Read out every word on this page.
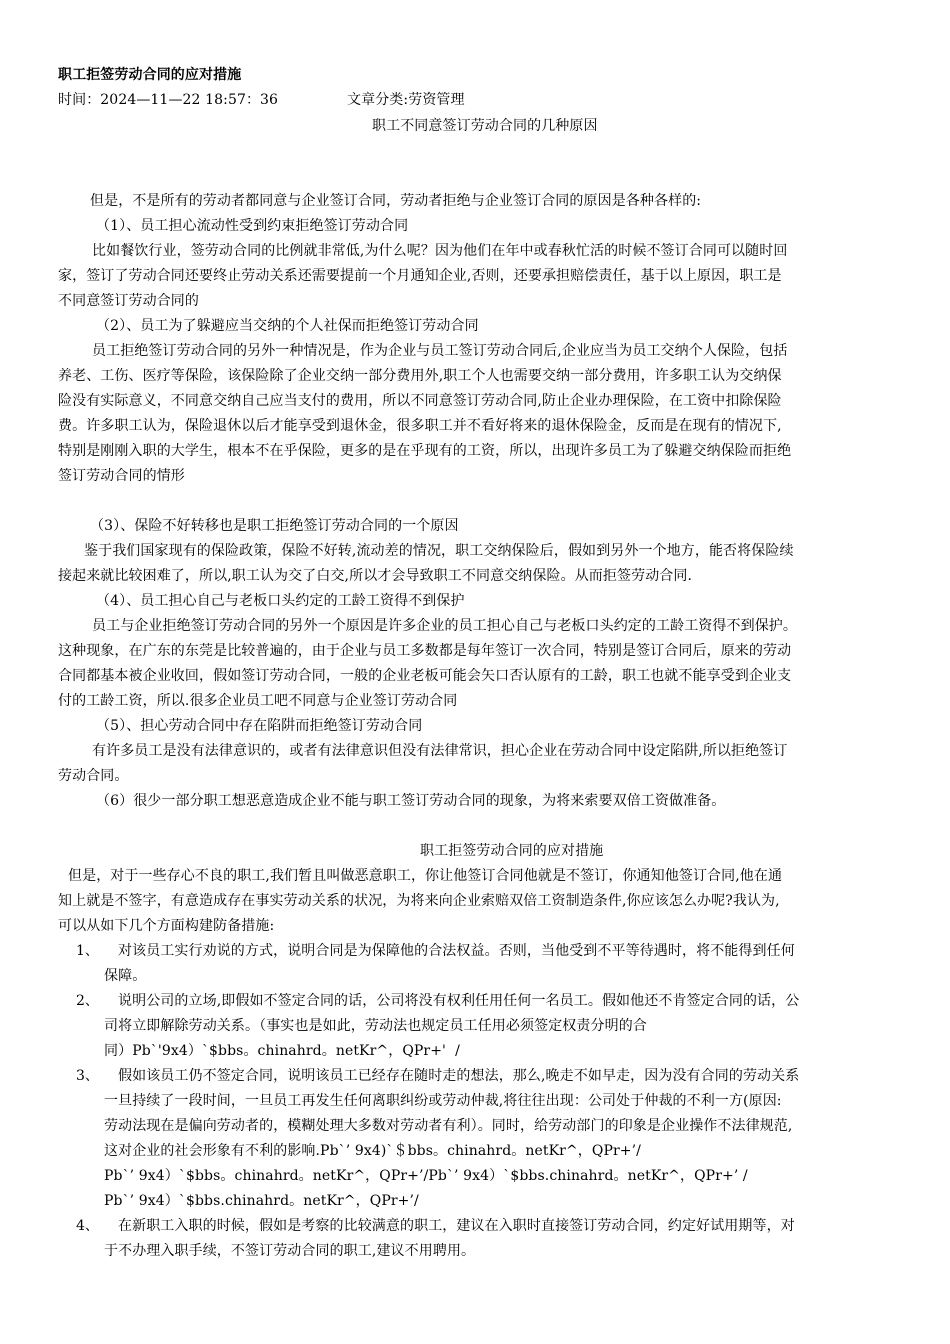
职工拒签劳动合同的应对措施
时间：2024—11—22 18:57：36	文章分类:劳资管理
职工不同意签订劳动合同的几种原因
但是，不是所有的劳动者都同意与企业签订合同，劳动者拒绝与企业签订合同的原因是各种各样的:
（1）、员工担心流动性受到约束拒绝签订劳动合同
比如餐饮行业，签劳动合同的比例就非常低,为什么呢？因为他们在年中或春秋忙活的时候不签订合同可以随时回
家，签订了劳动合同还要终止劳动关系还需要提前一个月通知企业,否则，还要承担赔偿责任，基于以上原因，职工是
不同意签订劳动合同的
（2）、员工为了躲避应当交纳的个人社保而拒绝签订劳动合同
员工拒绝签订劳动合同的另外一种情况是，作为企业与员工签订劳动合同后,企业应当为员工交纳个人保险，包括
养老、工伤、医疗等保险，该保险除了企业交纳一部分费用外,职工个人也需要交纳一部分费用，许多职工认为交纳保
险没有实际意义，不同意交纳自己应当支付的费用，所以不同意签订劳动合同,防止企业办理保险，在工资中扣除保险
费。许多职工认为，保险退休以后才能享受到退休金，很多职工并不看好将来的退休保险金，反而是在现有的情况下,
特别是刚刚入职的大学生，根本不在乎保险，更多的是在乎现有的工资，所以，出现许多员工为了躲避交纳保险而拒绝
签订劳动合同的情形
（3）、保险不好转移也是职工拒绝签订劳动合同的一个原因
鉴于我们国家现有的保险政策，保险不好转,流动差的情况，职工交纳保险后，假如到另外一个地方，能否将保险续
接起来就比较困难了，所以,职工认为交了白交,所以才会导致职工不同意交纳保险。从而拒签劳动合同.
（4）、员工担心自己与老板口头约定的工龄工资得不到保护
员工与企业拒绝签订劳动合同的另外一个原因是许多企业的员工担心自己与老板口头约定的工龄工资得不到保护。
这种现象，在广东的东莞是比较普遍的，由于企业与员工多数都是每年签订一次合同，特别是签订合同后，原来的劳动
合同都基本被企业收回，假如签订劳动合同，一般的企业老板可能会矢口否认原有的工龄，职工也就不能享受到企业支
付的工龄工资，所以.很多企业员工吧不同意与企业签订劳动合同
（5）、担心劳动合同中存在陷阱而拒绝签订劳动合同
有许多员工是没有法律意识的，或者有法律意识但没有法律常识，担心企业在劳动合同中设定陷阱,所以拒绝签订
劳动合同。
（6）很少一部分职工想恶意造成企业不能与职工签订劳动合同的现象，为将来索要双倍工资做准备。
职工拒签劳动合同的应对措施
但是，对于一些存心不良的职工,我们暂且叫做恶意职工，你让他签订合同他就是不签订，你通知他签订合同,他在通
知上就是不签字，有意造成存在事实劳动关系的状况，为将来向企业索赔双倍工资制造条件,你应该怎么办呢?我认为,
可以从如下几个方面构建防备措施:
1、 对该员工实行劝说的方式，说明合同是为保障他的合法权益。否则，当他受到不平等待遇时，将不能得到任何
保障。
2、 说明公司的立场,即假如不签定合同的话，公司将没有权利任用任何一名员工。假如他还不肯签定合同的话，公
司将立即解除劳动关系。（事实也是如此，劳动法也规定员工任用必须签定权责分明的合
同）Pb`'9x4）`$bbs。chinahrd。netKr^，QPr+'  /
3、 假如该员工仍不签定合同，说明该员工已经存在随时走的想法，那么,晚走不如早走，因为没有合同的劳动关系
一旦持续了一段时间，一旦员工再发生任何离职纠纷或劳动仲裁,将往往出现：公司处于仲裁的不利一方(原因:
劳动法现在是偏向劳动者的，模糊处理大多数对劳动者有利）。同时，给劳动部门的印象是企业操作不法律规范,
这对企业的社会形象有不利的影响.Pb`’ 9x4)`＄bbs。chinahrd。netKr^，QPr+’/
Pb`’ 9x4）`$bbs。chinahrd。netKr^，QPr+’/Pb`’ 9x4）`$bbs.chinahrd。netKr^，QPr+’ /
Pb`’ 9x4）`$bbs.chinahrd。netKr^，QPr+’/
4、 在新职工入职的时候，假如是考察的比较满意的职工，建议在入职时直接签订劳动合同，约定好试用期等，对
于不办理入职手续，不签订劳动合同的职工,建议不用聘用。
